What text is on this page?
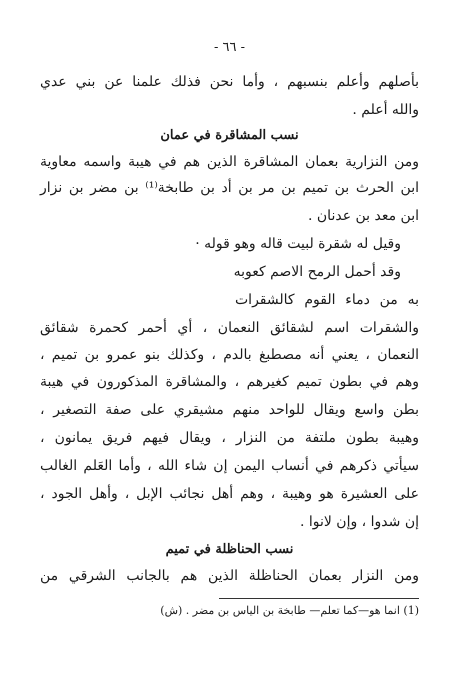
- ٦٦ -
بأصلهم وأعلم بنسبهم ، وأما نحن فذلك علمنا عن بني عدي
والله أعلم .
نسب المشاقرة في عمان
ومن النزارية بعمان المشاقرة الذين هم في هيبة واسمه معاوية
ابن الحرث بن تميم بن مر بن أد بن طابخة⁽¹⁾ بن مضر بن نزار
ابن معد بن عدنان .
وقيل له شقرة لبيت قاله وهو قوله ·
وقد أحمل الرمح الاصم كعوبه
به من دماء القوم كالشقرات
والشقرات اسم لشقائق النعمان ، أي أحمر كحمرة شقائق
النعمان ، يعني أنه مصطبغ بالدم ، وكذلك بنو عمرو بن تميم ،
وهم في بطون تميم كغيرهم ، والمشاقرة المذكورون في هيبة
بطن واسع ويقال للواحد منهم مشيقري على صفة التصغير ،
وهيبة بطون ملتفة من النزار ، ويقال فيهم فريق يمانون ،
سيأتي ذكرهم في أنساب اليمن إن شاء الله ، وأما العَلم الغالب
على العشيرة هو وهيبة ، وهم أهل نجائب الإبل ، وأهل الجود ،
إن شدوا ، وإن لانوا .
نسب الحناظلة في تميم
ومن النزار بعمان الحناظلة الذين هم بالجانب الشرقي من
(1) انما هو—كما تعلم— طابخة بن الياس بن مضر . (ش)
